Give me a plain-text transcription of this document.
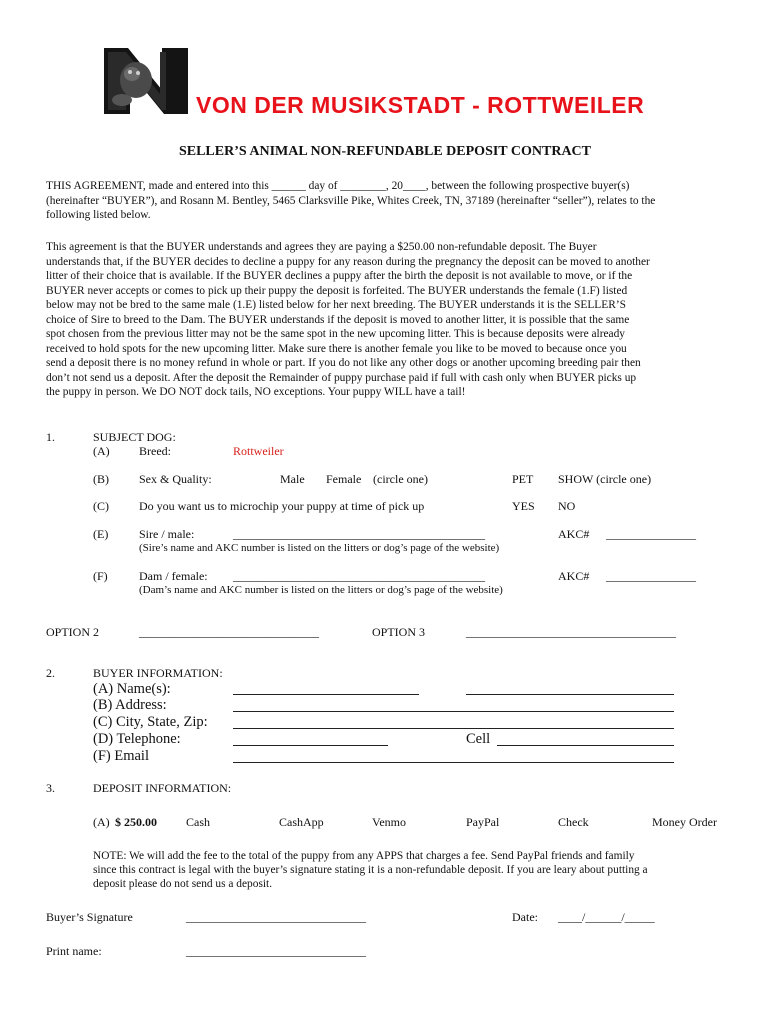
VON DER MUSIKSTADT - ROTTWEILER
SELLER’S ANIMAL NON-REFUNDABLE DEPOSIT CONTRACT
THIS AGREEMENT, made and entered into this ______ day of ________, 20____, between the following prospective buyer(s)
(hereinafter “BUYER”), and Rosann M. Bentley, 5465 Clarksville Pike, Whites Creek, TN, 37189 (hereinafter “seller”), relates to the
following listed below.
This agreement is that the BUYER understands and agrees they are paying a $250.00 non-refundable deposit. The Buyer
understands that, if the BUYER decides to decline a puppy for any reason during the pregnancy the deposit can be moved to another
litter of their choice that is available. If the BUYER declines a puppy after the birth the deposit is not available to move, or if the
BUYER never accepts or comes to pick up their puppy the deposit is forfeited. The BUYER understands the female (1.F) listed
below may not be bred to the same male (1.E) listed below for her next breeding. The BUYER understands it is the SELLER’S
choice of Sire to breed to the Dam. The BUYER understands if the deposit is moved to another litter, it is possible that the same
spot chosen from the previous litter may not be the same spot in the new upcoming litter. This is because deposits were already
received to hold spots for the new upcoming litter. Make sure there is another female you like to be moved to because once you
send a deposit there is no money refund in whole or part. If you do not like any other dogs or another upcoming breeding pair then
don’t not send us a deposit. After the deposit the Remainder of puppy purchase paid if full with cash only when BUYER picks up
the puppy in person. We DO NOT dock tails, NO exceptions. Your puppy WILL have a tail!
1.	SUBJECT DOG:
(A) Breed:	Rottweiler
(B)	Sex & Quality:	Male Female (circle one)	PET SHOW (circle one)
(C)	Do you want us to microchip your puppy at time of pick up	YES NO
(E)	Sire / male:	__________________________________________	AKC# _______________
(Sire’s name and AKC number is listed on the litters or dog’s page of the website)
(F)	Dam / female: __________________________________________	AKC# _______________
(Dam’s name and AKC number is listed on the litters or dog’s page of the website)
OPTION 2	______________________________	OPTION 3	___________________________________
2.	BUYER INFORMATION:
(A) Name(s):
(B) Address:
(C) City, State, Zip:
(D) Telephone:	Cell
(F) Email
3.	DEPOSIT INFORMATION:
(A) $ 250.00 Cash	CashApp	Venmo	PayPal	Check	Money Order
NOTE: We will add the fee to the total of the puppy from any APPS that charges a fee. Send PayPal friends and family
since this contract is legal with the buyer’s signature stating it is a non-refundable deposit. If you are leary about putting a
deposit please do not send us a deposit.
Buyer’s Signature	______________________________	Date: ____/______/_____
Print name:	______________________________
